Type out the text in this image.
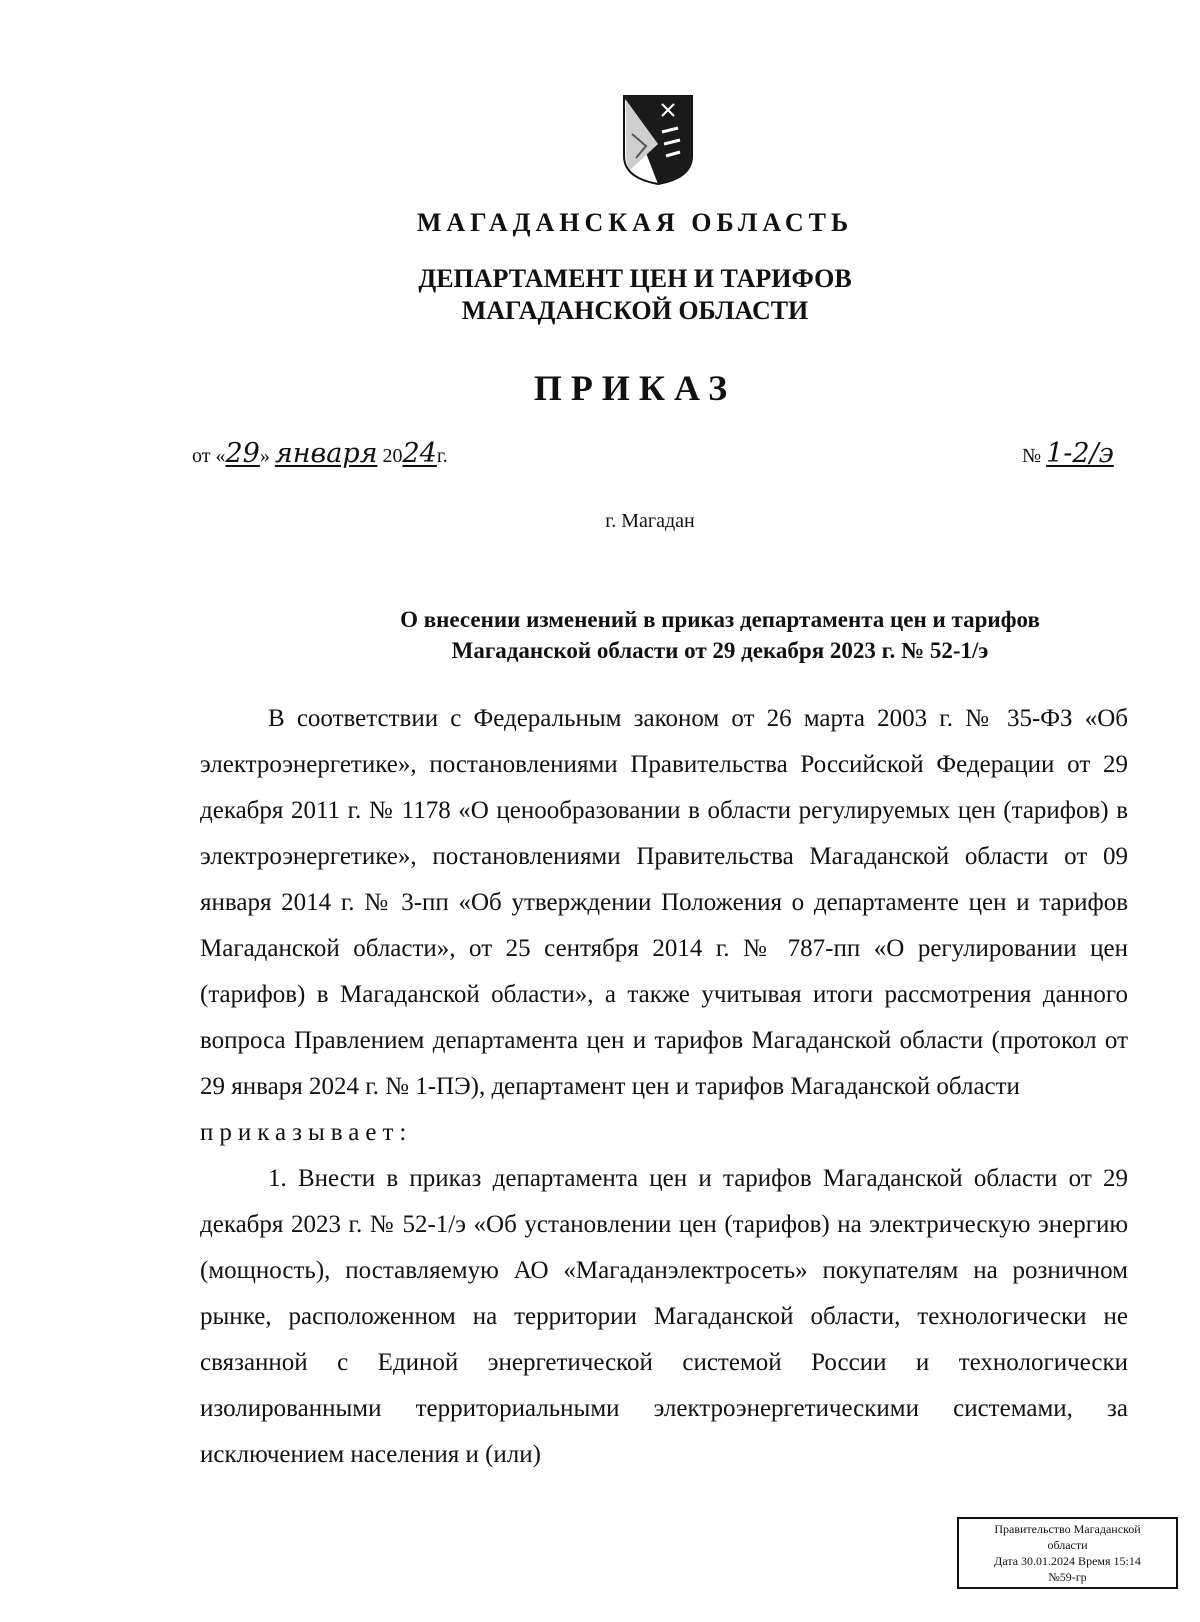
МАГАДАНСКАЯ ОБЛАСТЬ
ДЕПАРТАМЕНТ ЦЕН И ТАРИФОВ
МАГАДАНСКОЙ ОБЛАСТИ
ПРИКАЗ
от «29» января 2024г.	№ 1-2/э
г. Магадан
О внесении изменений в приказ департамента цен и тарифов
Магаданской области от 29 декабря 2023 г. № 52-1/э

В соответствии с Федеральным законом от 26 марта 2003 г. № 35-ФЗ «Об электроэнергетике», постановлениями Правительства Российской Федерации от 29 декабря 2011 г. № 1178 «О ценообразовании в области регулируемых цен (тарифов) в электроэнергетике», постановлениями Правительства Магаданской области от 09 января 2014 г. № 3-пп «Об утверждении Положения о департаменте цен и тарифов Магаданской области», от 25 сентября 2014 г. № 787-пп «О регулировании цен (тарифов) в Магаданской области», а также учитывая итоги рассмотрения данного вопроса Правлением департамента цен и тарифов Магаданской области (протокол от 29 января 2024 г. № 1-ПЭ), департамент цен и тарифов Магаданской области

приказывает:

1. Внести в приказ департамента цен и тарифов Магаданской области от 29 декабря 2023 г. № 52-1/э «Об установлении цен (тарифов) на электрическую энергию (мощность), поставляемую АО «Магаданэлектросеть» покупателям на розничном рынке, расположенном на территории Магаданской области, технологически не связанной с Единой энергетической системой России и технологически изолированными территориальными электроэнергетическими системами, за исключением населения и (или)

Правительство Магаданской
области
Дата 30.01.2024 Время 15:14
№59-гр
